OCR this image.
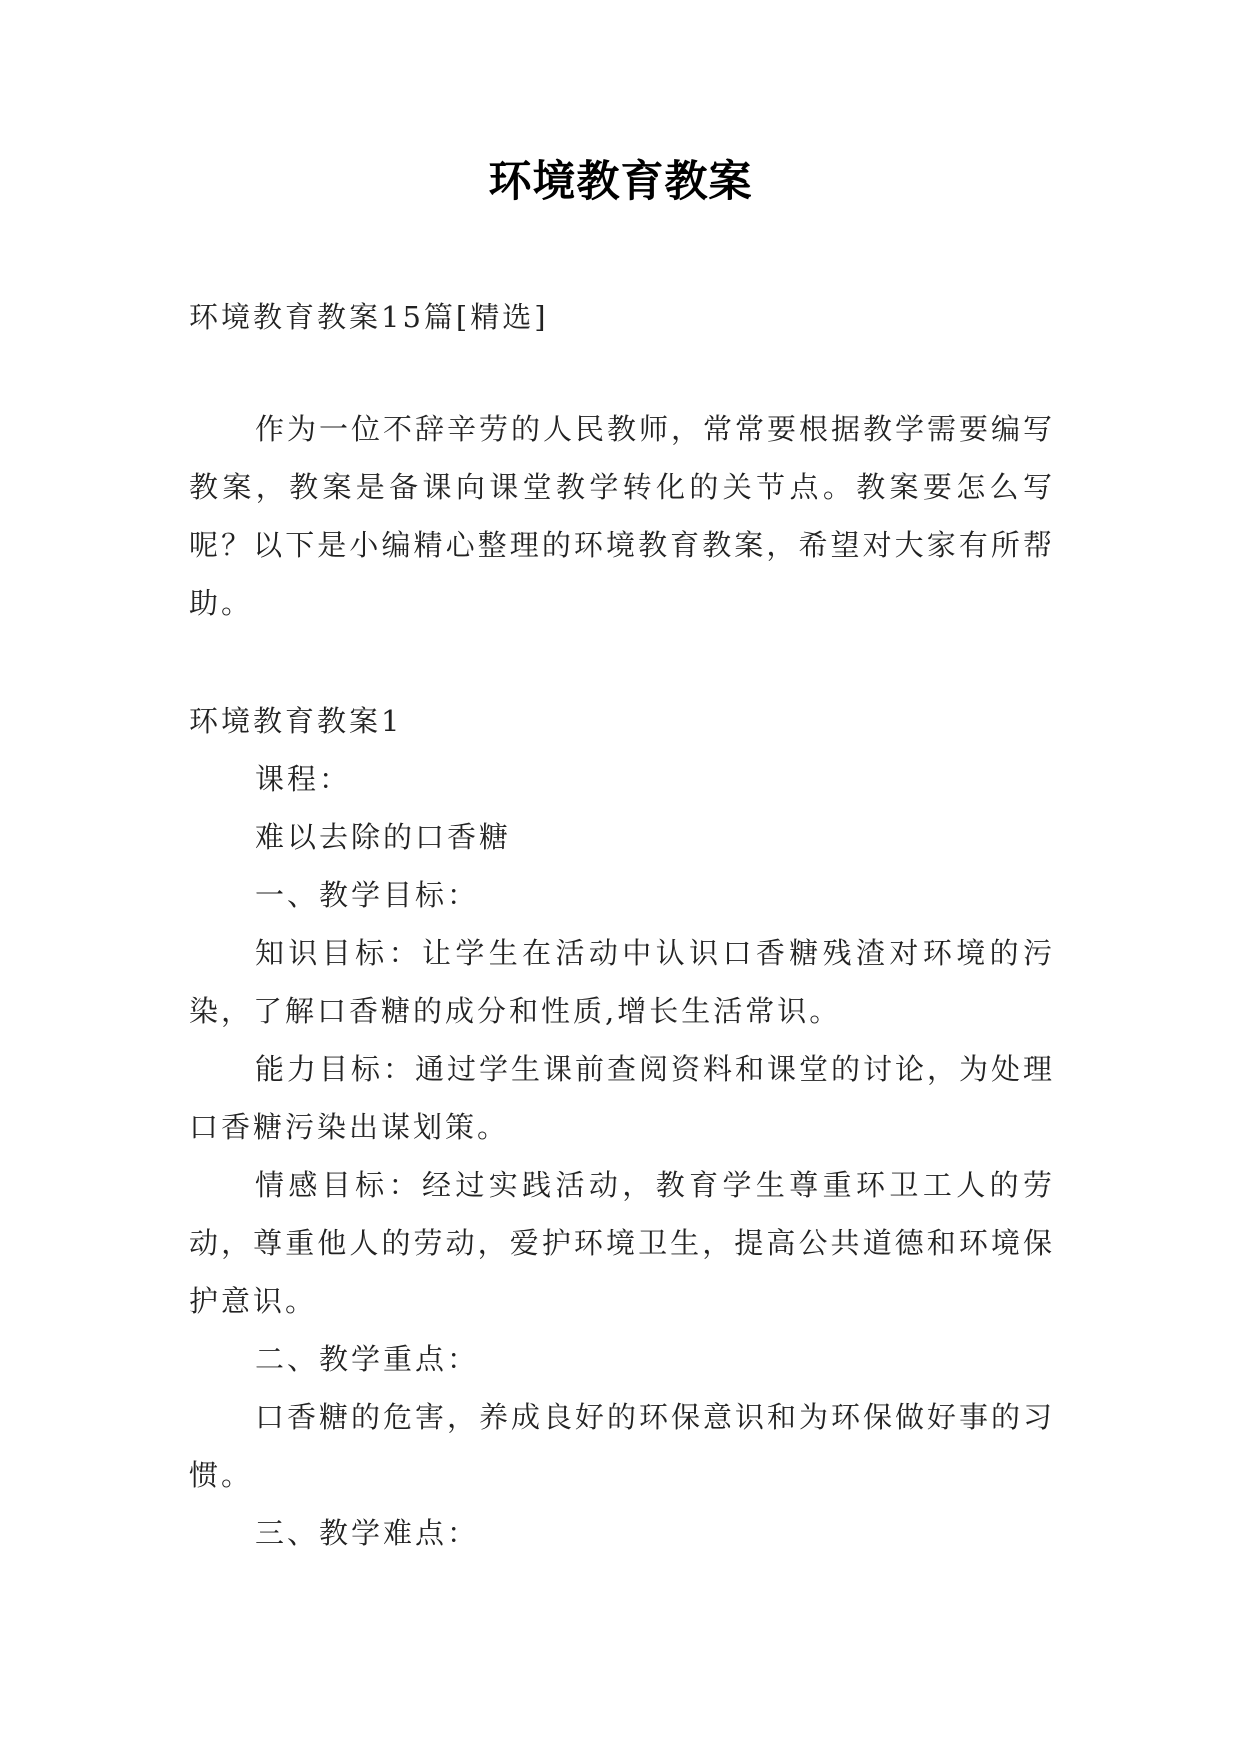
环境教育教案

环境教育教案15篇[精选]

作为一位不辞辛劳的人民教师，常常要根据教学需要编写教案，教案是备课向课堂教学转化的关节点。教案要怎么写呢？以下是小编精心整理的环境教育教案，希望对大家有所帮助。

环境教育教案1

课程：

难以去除的口香糖

一、教学目标：

知识目标：让学生在活动中认识口香糖残渣对环境的污染，了解口香糖的成分和性质,增长生活常识。

能力目标：通过学生课前查阅资料和课堂的讨论，为处理口香糖污染出谋划策。

情感目标：经过实践活动，教育学生尊重环卫工人的劳动，尊重他人的劳动，爱护环境卫生，提高公共道德和环境保护意识。

二、教学重点：

口香糖的危害，养成良好的环保意识和为环保做好事的习惯。

三、教学难点：
